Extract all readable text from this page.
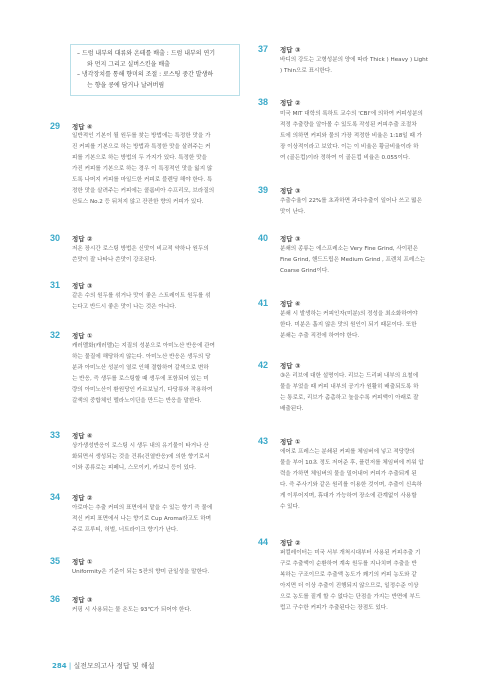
– 드럼 내부의 대류와 온테를 배출 : 드럼 내부의 연기
와 먼지 그리고 실버스킨을 배출
– 냉각장치를 통해 향미의 조절 : 로스팅 중간 발생하
는 향을 콩에 담거나 날려버림
29 정답 ④
일반적인 기본이 될 원두를 찾는 방법에는 특정한 맛을 가
진 커피를 기본으로 하는 방법과 특정한 맛을 살려주는 커
피를 기본으로 하는 방법의 두 가지가 있다. 특정한 맛을
가진 커피를 기본으로 하는 경우 이 특징적인 맛을 잃지 않
도록 나머지 커피를 마일드한 커피로 블렌딩 해야 한다. 특
정한 맛을 살려주는 커피에는 콜롬비아 수프리모, 브라질의
산토스 No.2 등 뒤처지 않고 잔잔한 향의 커피가 있다.
30 정답 ②
저온 장시간 로스팅 방법은 신맛이 비교적 약하나 원두의
쓴맛이 잘 나타나 쓴맛이 강조된다.
31 정답 ③
같은 수의 원두를 섞거나 맛이 좋은 스트레이트 원두를 섞
는다고 반드시 좋은 맛이 나는 것은 아니다.
32 정답 ①
캐러멜화(캐러멜)는 지질의 성분으로 아미노산 반응에 관여
하는 물질에 해당하지 않는다. 아미노산 반응은 생두의 당
분과 아미노산 성분이 열로 인해 결합하여 갈색으로 변하
는 반응, 즉 생두를 로스팅할 때 생두에 포함되어 있는 미
량의 아미노산이 환원당인 카르보닐기, 다당류와 작용하여
갈색의 중합체인 멜라노이딘을 만드는 반응을 말한다.
33 정답 ④
상가생성반응이 로스팅 시 생두 내의 유기물이 타거나 산
화되면서 생성되는 것을 건류(건열반응)에 의한 향기로서
이와 종류로는 피페니, 스모이키, 카보니 등이 있다.
34 정답 ②
아로마는 추출 커피의 표면에서 맡을 수 있는 향기 즉 물에
적신 커피 표면에서 나는 향기로 Cup Aroma라고도 하며
주로 프루티, 허벌, 너트라이크 향기가 난다.
35 정답 ①
Uniformity은 기준이 되는 5잔의 향미 균일성을 말한다.
36 정답 ③
커핑 시 사용되는 물 온도는 93℃가 되어야 한다.
37 정답 ③
바디의 강도는 고형성분의 양에 따라 Thick ) Heavy ) Light
) Thin으로 표시한다.
38 정답 ②
미국 MIT 대학의 록하트 교수의 'CBI'에 의하여 커피성분의
적정 추출량을 알아볼 수 있도록 작성된 커피추출 조절차
트에 의하면 커피와 물의 가장 적정한 비율은 1:18일 때 가
장 이상적이라고 보았다. 이는 이 비율은 황금비율이라 하
여 (골든컵)이라 정하여 이 골든컵 비율은 0.055이다.
39 정답 ③
추출수율이 22%를 초과하면 과다추출이 일어나 쓰고 떫은
맛이 난다.
40 정답 ③
분쇄의 종류는 에스프레소는 Very Fine Grind, 사이펀은
Fine Grind, 핸드드립은 Medium Grind , 프렌치 프레스는
Coarse Grind이다.
41 정답 ④
분쇄 시 발생하는 커피인자(미분)의 정성을 최소화하여야
한다. 미분은 흡지 않은 맛의 원인이 되기 때문이다. 또한
분쇄는 추출 직전에 하여야 한다.
42 정답 ③
③은 리브에 대한 설명이다. 리브는 드리퍼 내부의 요철에
물을 부었을 때 커피 내부의 공기가 원활히 배출되도록 하
는 통로로, 리브가 촘촘하고 높을수록 커피액이 아래로 잘
배출된다.
43 정답 ①
에어로 프레스는 분쇄된 커피를 체임버에 넣고 적당량의
물을 부어 10초 정도 저어준 후, 플런저를 체임버에 끼워 압
력을 가하면 체임버의 물을 밀어내어 커피가 추출되게 된
다. 즉 주사기와 같은 원리를 이용한 것이며, 추출이 신속하
게 이루어지며, 휴대가 가능하여 장소에 관계없이 사용할
수 있다.
44 정답 ②
퍼컬레이터는 미국 서부 개척시대부터 사용된 커피추출 기
구로 추출액이 순환하여 계속 원두를 지나치며 추출을 반
복하는 구조이므로 추출액 농도가 꽤기의 커피 농도와 같
아지면 더 이상 추출이 진행되지 않으므로, 일정수준 이상
으로 농도를 짙게 할 수 없다는 단점을 가지는 반면에 부드
럽고 구수한 커피가 추출된다는 장점도 있다.
284 | 실전모의고사 정답 및 해설
